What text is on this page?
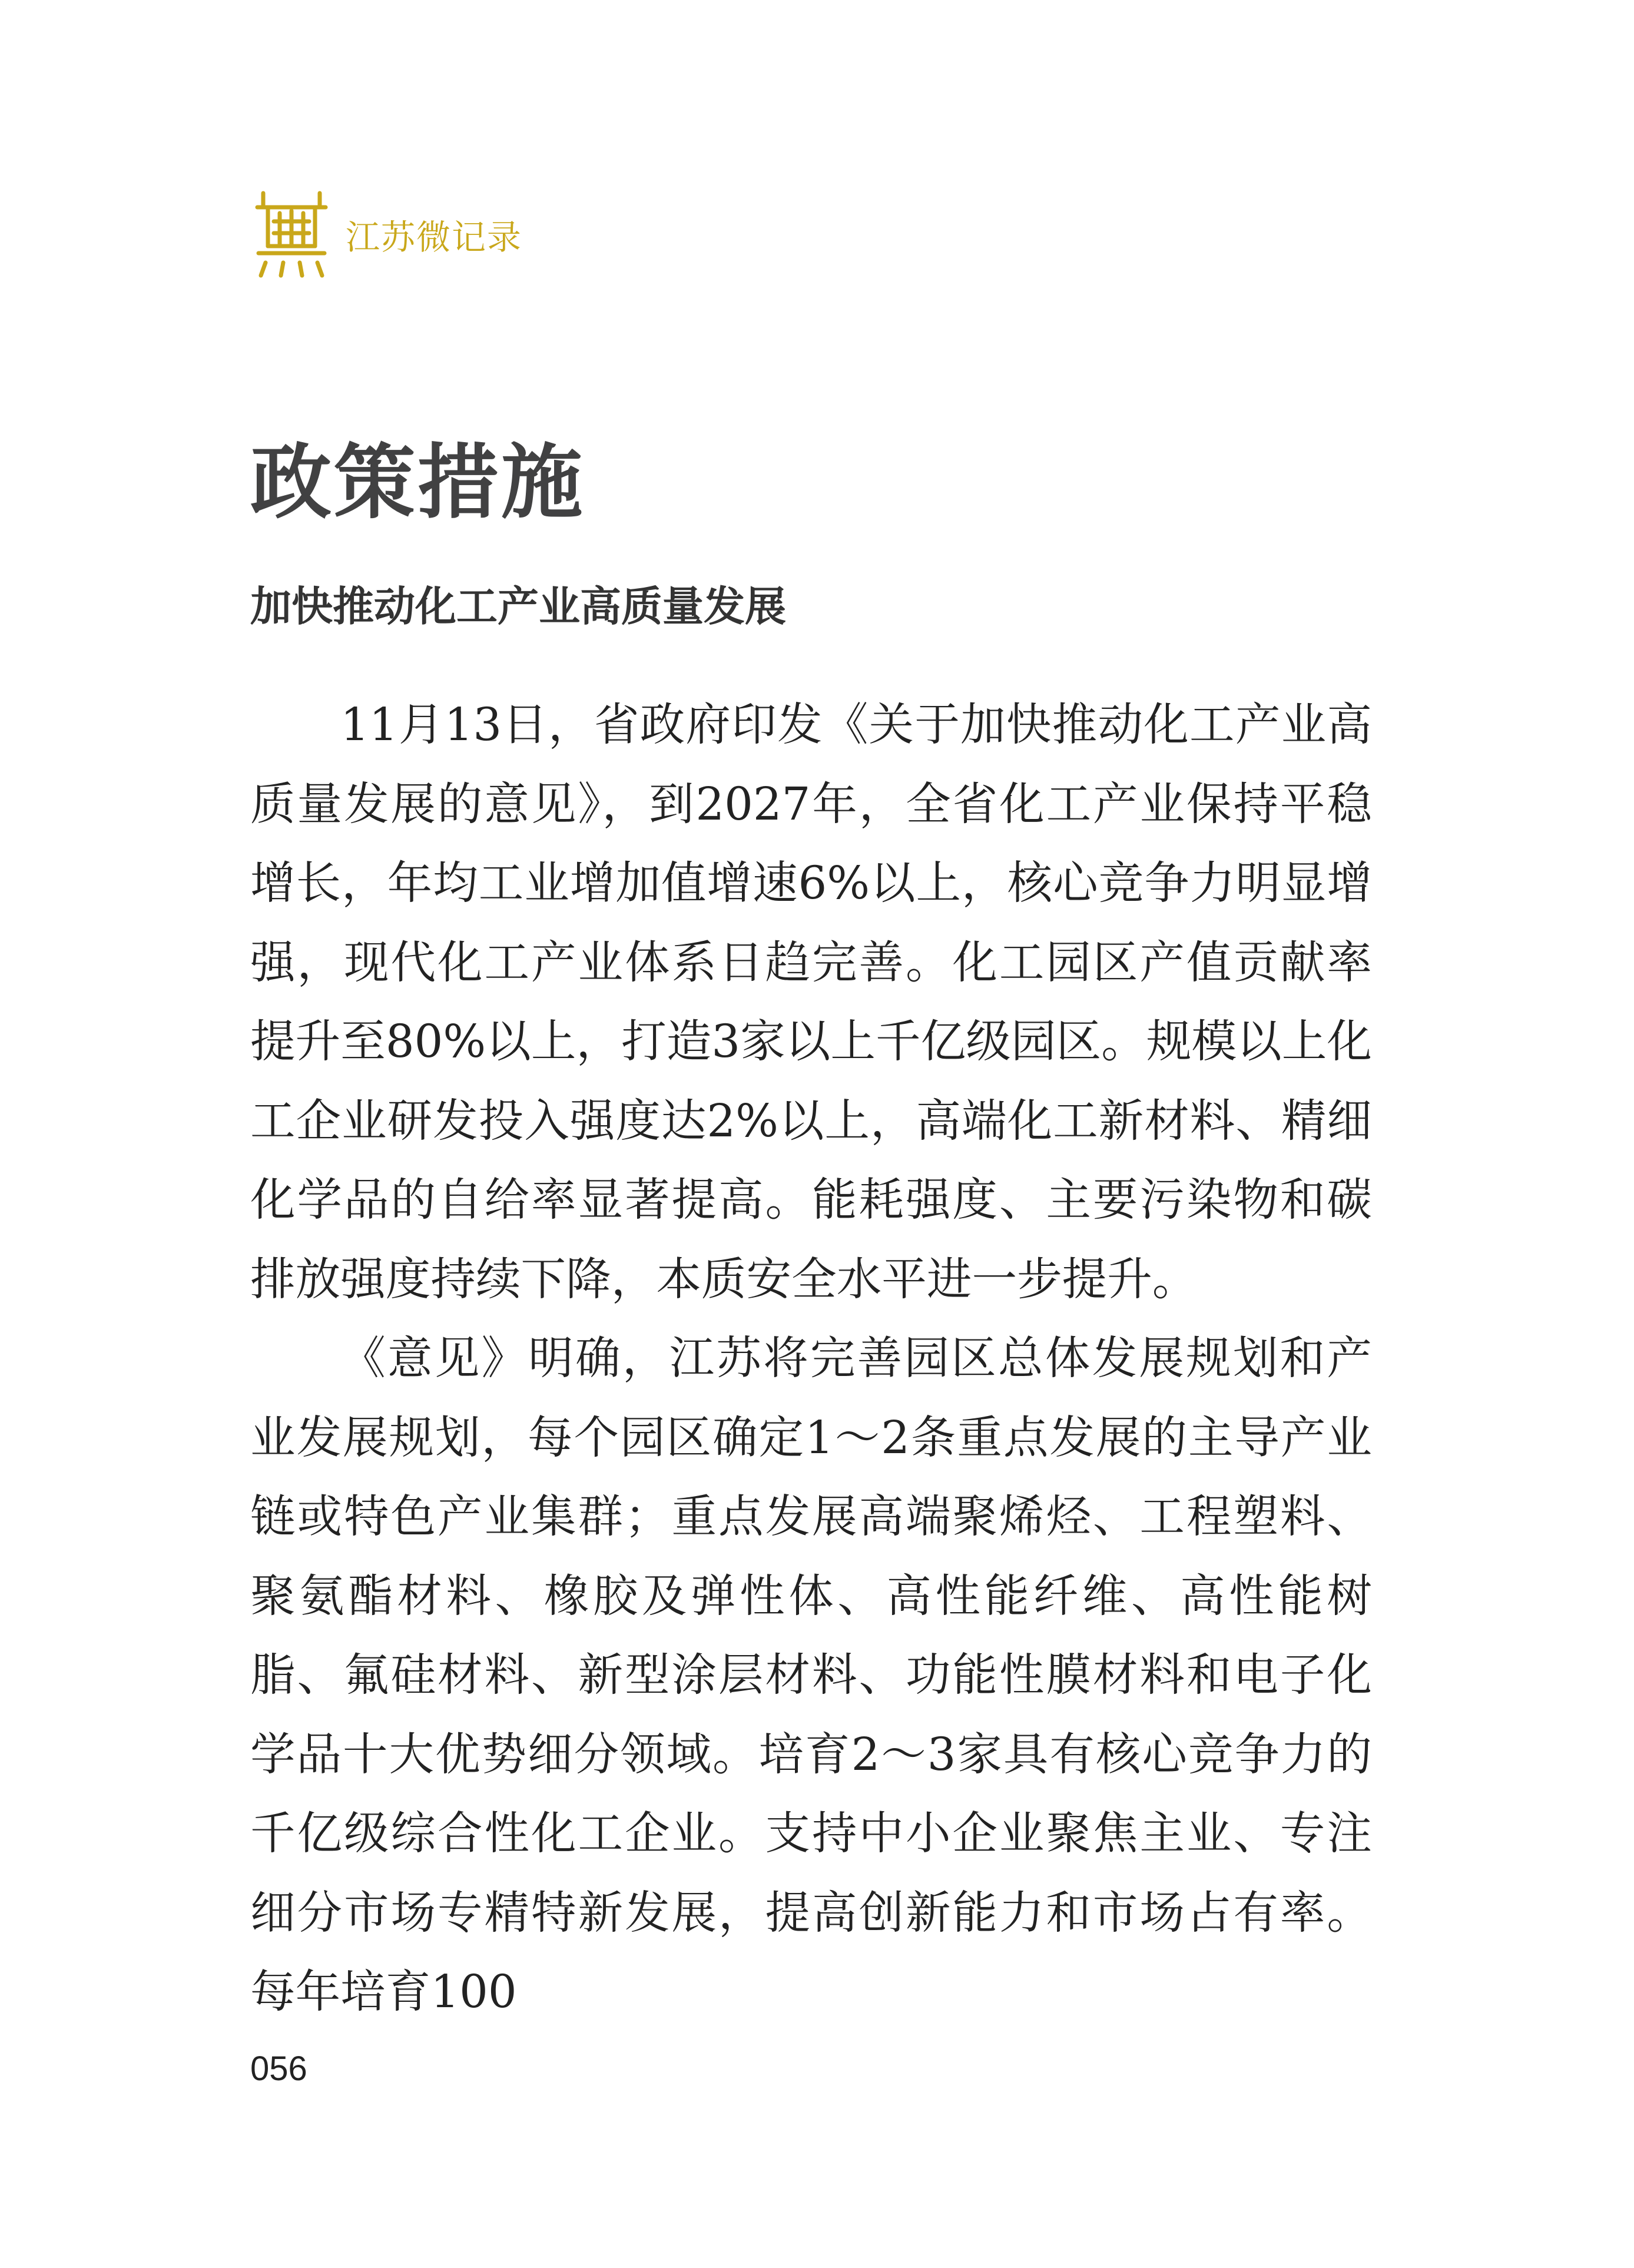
江苏微记录
政策措施
加快推动化工产业高质量发展

11月13日，省政府印发《关于加快推动化工产业高质量发展的意见》，到2027年，全省化工产业保持平稳增长，年均工业增加值增速6%以上，核心竞争力明显增强，现代化工产业体系日趋完善。化工园区产值贡献率提升至80%以上，打造3家以上千亿级园区。规模以上化工企业研发投入强度达2%以上，高端化工新材料、精细化学品的自给率显著提高。能耗强度、主要污染物和碳排放强度持续下降，本质安全水平进一步提升。

《意见》明确，江苏将完善园区总体发展规划和产业发展规划，每个园区确定1～2条重点发展的主导产业链或特色产业集群；重点发展高端聚烯烃、工程塑料、聚氨酯材料、橡胶及弹性体、高性能纤维、高性能树脂、氟硅材料、新型涂层材料、功能性膜材料和电子化学品十大优势细分领域。培育2～3家具有核心竞争力的千亿级综合性化工企业。支持中小企业聚焦主业、专注细分市场专精特新发展，提高创新能力和市场占有率。每年培育100

056
